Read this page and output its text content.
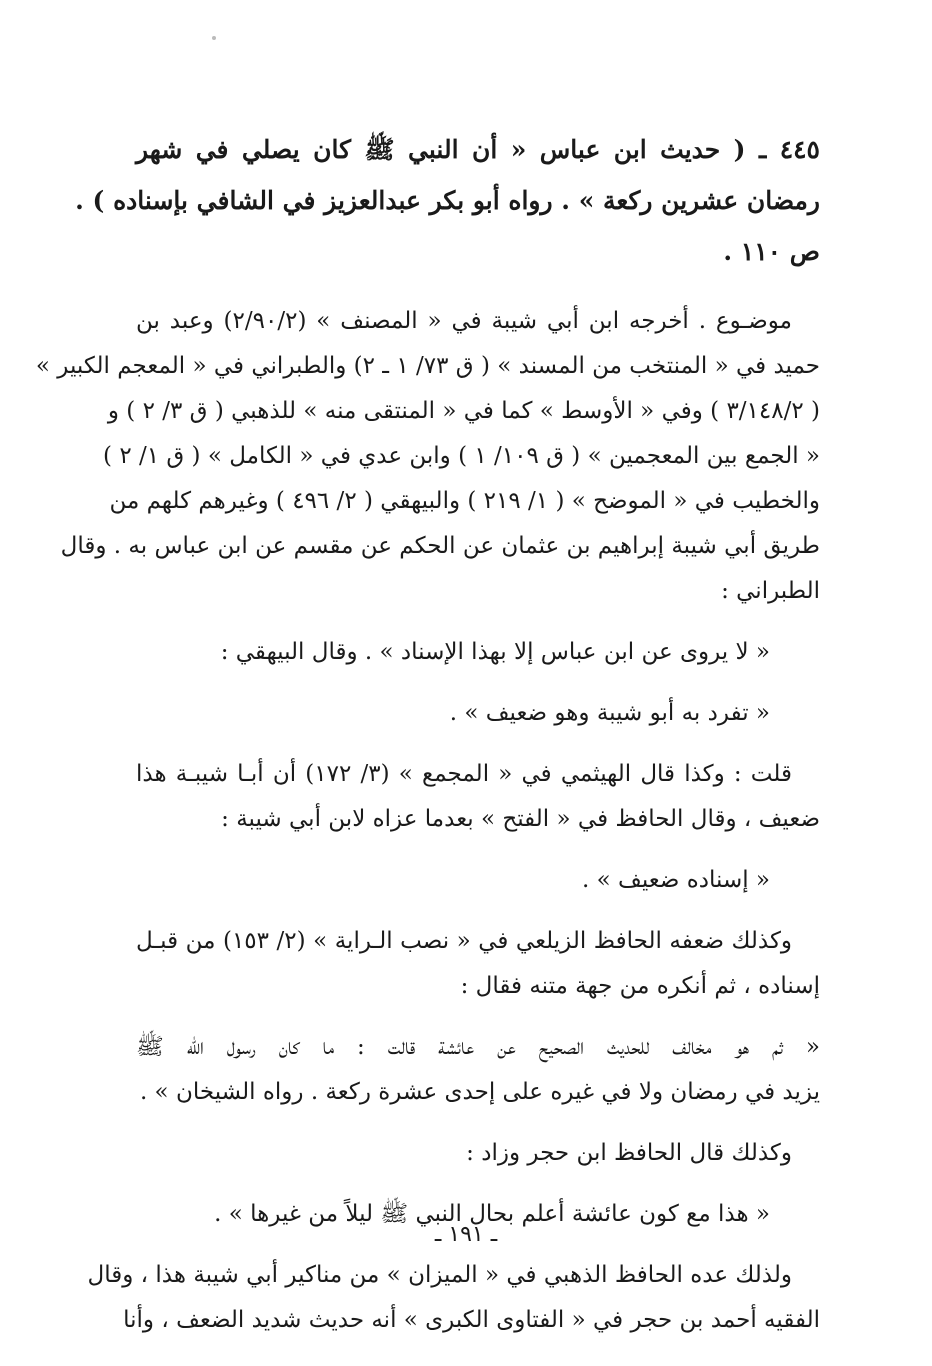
٤٤٥ ـ ( حديث ابن عباس « أن النبي ﷺ كان يصلي في شهر
رمضان عشرين ركعة » . رواه أبو بكر عبدالعزيز في الشافي بإسناده ) .
ص ١١٠ .
موضـوع . أخرجه ابن أبي شيبة في « المصنف » (٢/٩٠/٢) وعبد بن
حميد في « المنتخب من المسند » ( ق ٧٣/ ١ ـ ٢) والطبراني في « المعجم الكبير »
( ٣/١٤٨/٢ ) وفي « الأوسط » كما في « المنتقى منه » للذهبي ( ق ٣/ ٢ ) و
« الجمع بين المعجمين » ( ق ١٠٩/ ١ ) وابن عدي في « الكامل » ( ق ١/ ٢ )
والخطيب في « الموضح » ( ١/ ٢١٩ ) والبيهقي ( ٢/ ٤٩٦ ) وغيرهم كلهم من
طريق أبي شيبة إبراهيم بن عثمان عن الحكم عن مقسم عن ابن عباس به . وقال
الطبراني :
« لا يروى عن ابن عباس إلا بهذا الإسناد » . وقال البيهقي :
« تفرد به أبو شيبة وهو ضعيف » .
قلت : وكذا قال الهيثمي في « المجمع » (٣/ ١٧٢) أن أبـا شيبـة هذا
ضعيف ، وقال الحافظ في « الفتح » بعدما عزاه لابن أبي شيبة :
« إسناده ضعيف » .
وكذلك ضعفه الحافظ الزيلعي في « نصب الـراية » (٢/ ١٥٣) من قبـل
إسناده ، ثم أنكره من جهة متنه فقال :
« ثم هو مخالف للحديث الصحيح عن عائشة قالت : ما كان رسول الله ﷺ
يزيد في رمضان ولا في غيره على إحدى عشرة ركعة . رواه الشيخان » .
وكذلك قال الحافظ ابن حجر وزاد :
« هذا مع كون عائشة أعلم بحال النبي ﷺ ليلاً من غيرها » .
ولذلك عده الحافظ الذهبي في « الميزان » من مناكير أبي شيبة هذا ، وقال
الفقيه أحمد بن حجر في « الفتاوى الكبرى » أنه حديث شديد الضعف ، وأنا
ـ ١٩١ ـ
